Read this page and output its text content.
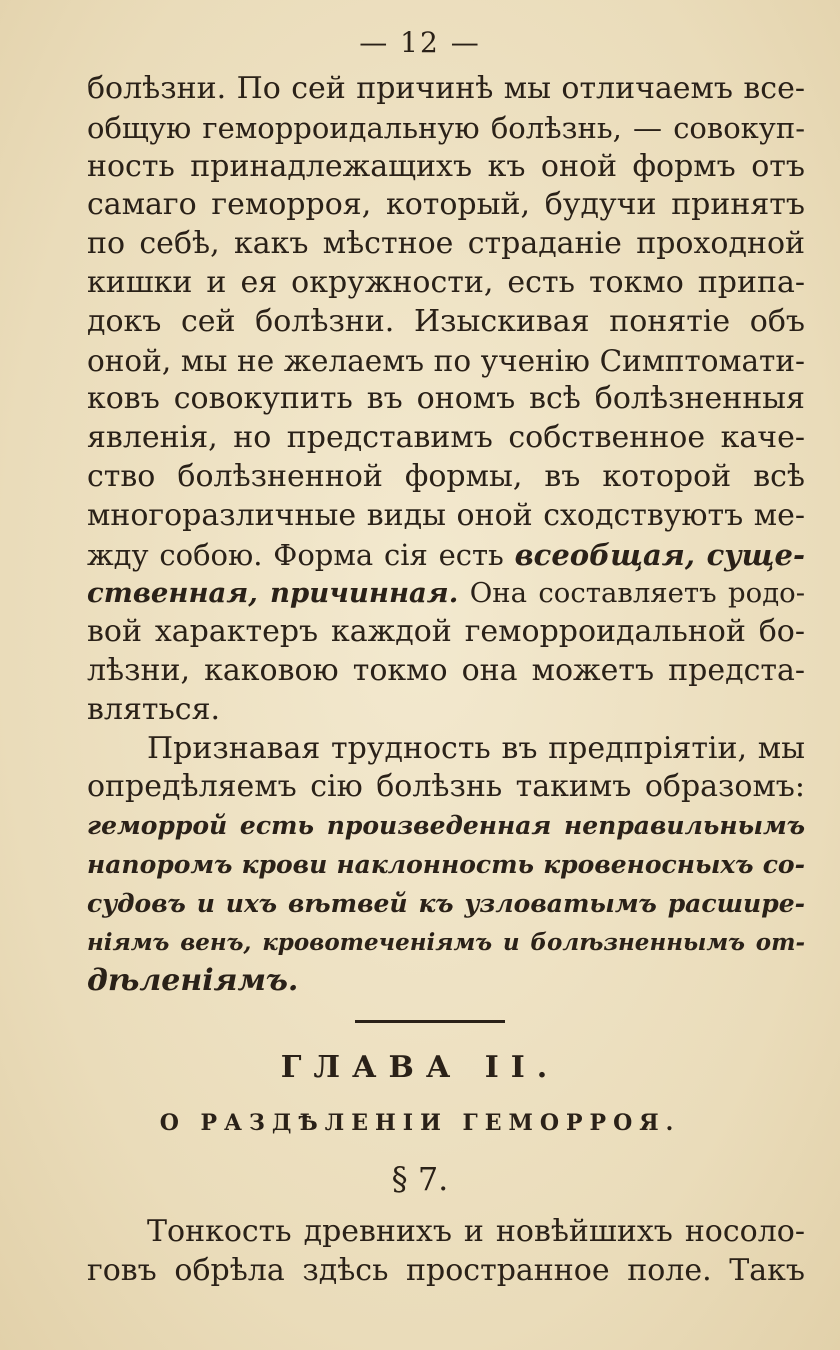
— 12 —
болѣзни. По сей причинѣ мы отличаемъ все-
общую геморроидальную болѣзнь, — совокуп-
ность принадлежащихъ къ оной формъ отъ
самаго геморроя, который, будучи принятъ
по себѣ, какъ мѣстное страданіе проходной
кишки и ея окружности, есть токмо припа-
докъ сей болѣзни. Изыскивая понятіе объ
оной, мы не желаемъ по ученію Симптомати-
ковъ совокупить въ ономъ всѣ болѣзненныя
явленія, но представимъ собственное каче-
ство болѣзненной формы, въ которой всѣ
многоразличные виды оной сходствуютъ ме-
жду собою. Форма сія есть всеобщая, суще-
ственная, причинная. Она составляетъ родо-
вой характеръ каждой геморроидальной бо-
лѣзни, каковою токмо она можетъ предста-
вляться.
Признавая трудность въ предпріятіи, мы
опредѣляемъ сію болѣзнь такимъ образомъ:
геморрой есть произведенная неправильнымъ
напоромъ крови наклонность кровеносныхъ со-
судовъ и ихъ вѣтвей къ узловатымъ расшире-
ніямъ венъ, кровотеченіямъ и болѣзненнымъ от-
дѣленіямъ.
ГЛАВА II.
О РАЗДѢЛЕНІИ ГЕМОРРОЯ.
§ 7.
Тонкость древнихъ и новѣйшихъ носоло-
говъ обрѣла здѣсь пространное поле. Такъ
